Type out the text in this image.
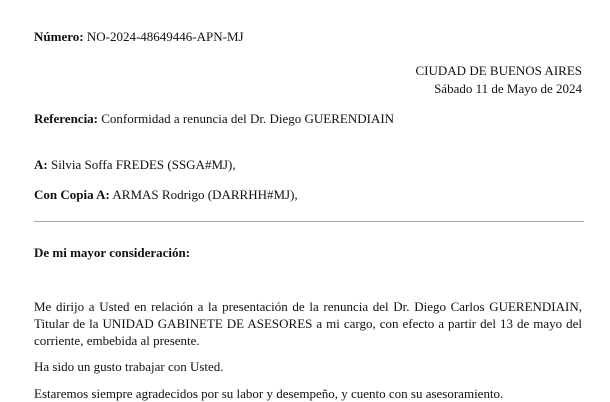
Número: NO-2024-48649446-APN-MJ
CIUDAD DE BUENOS AIRES
Sábado 11 de Mayo de 2024
Referencia: Conformidad a renuncia del Dr. Diego GUERENDIAIN
A: Silvia Soffa FREDES (SSGA#MJ),
Con Copia A: ARMAS Rodrigo (DARRHH#MJ),
De mi mayor consideración:
Me dirijo a Usted en relación a la presentación de la renuncia del Dr. Diego Carlos GUERENDIAIN, Titular de la UNIDAD GABINETE DE ASESORES a mi cargo, con efecto a partir del 13 de mayo del corriente, embebida al presente.
Ha sido un gusto trabajar con Usted.
Estaremos siempre agradecidos por su labor y desempeño, y cuento con su asesoramiento.
